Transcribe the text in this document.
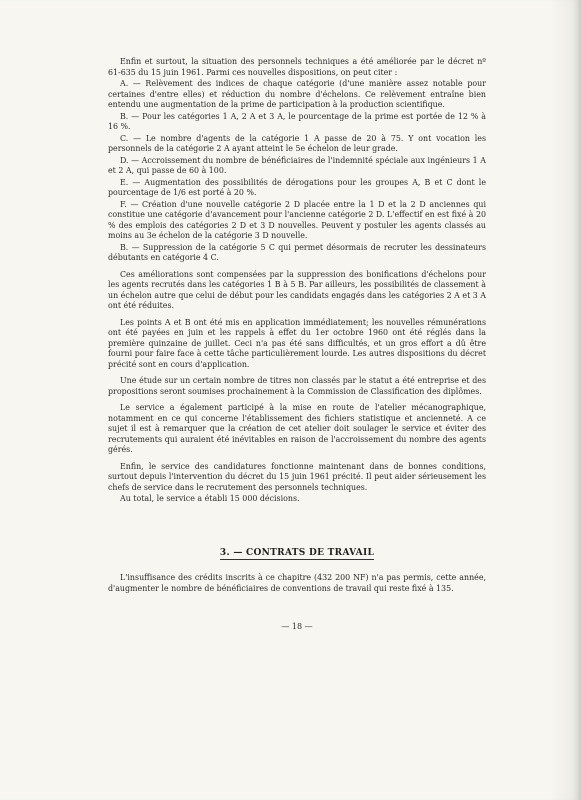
Enfin et surtout, la situation des personnels techniques a été améliorée par le décret nº 61-635 du 15 juin 1961. Parmi ces nouvelles dispositions, on peut citer :

A. — Relèvement des indices de chaque catégorie (d'une manière assez notable pour certaines d'entre elles) et réduction du nombre d'échelons. Ce relèvement entraîne bien entendu une augmentation de la prime de participation à la production scientifique.

B. — Pour les catégories 1 A, 2 A et 3 A, le pourcentage de la prime est portée de 12 % à 16 %.

C. — Le nombre d'agents de la catégorie 1 A passe de 20 à 75. Y ont vocation les personnels de la catégorie 2 A ayant atteint le 5e échelon de leur grade.

D. — Accroissement du nombre de bénéficiaires de l'indemnité spéciale aux ingénieurs 1 A et 2 A, qui passe de 60 à 100.

E. — Augmentation des possibilités de dérogations pour les groupes A, B et C dont le pourcentage de 1/6 est porté à 20 %.

F. — Création d'une nouvelle catégorie 2 D placée entre la 1 D et la 2 D anciennes qui constitue une catégorie d'avancement pour l'ancienne catégorie 2 D. L'effectif en est fixé à 20 % des emplois des catégories 2 D et 3 D nouvelles. Peuvent y postuler les agents classés au moins au 3e échelon de la catégorie 3 D nouvelle.

B. — Suppression de la catégorie 5 C qui permet désormais de recruter les dessinateurs débutants en catégorie 4 C.

Ces améliorations sont compensées par la suppression des bonifications d'échelons pour les agents recrutés dans les catégories 1 B à 5 B. Par ailleurs, les possibilités de classement à un échelon autre que celui de début pour les candidats engagés dans les catégories 2 A et 3 A ont été réduites.

Les points A et B ont été mis en application immédiatement; les nouvelles rémunérations ont été payées en juin et les rappels à effet du 1er octobre 1960 ont été réglés dans la première quinzaine de juillet. Ceci n'a pas été sans difficultés, et un gros effort a dû être fourni pour faire face à cette tâche particulièrement lourde. Les autres dispositions du décret précité sont en cours d'application.

Une étude sur un certain nombre de titres non classés par le statut a été entreprise et des propositions seront soumises prochainement à la Commission de Classification des diplômes.

Le service a également participé à la mise en route de l'atelier mécanographique, notamment en ce qui concerne l'établissement des fichiers statistique et ancienneté. A ce sujet il est à remarquer que la création de cet atelier doit soulager le service et éviter des recrutements qui auraient été inévitables en raison de l'accroissement du nombre des agents gérés.

Enfin, le service des candidatures fonctionne maintenant dans de bonnes conditions, surtout depuis l'intervention du décret du 15 juin 1961 précité. Il peut aider sérieusement les chefs de service dans le recrutement des personnels techniques.

Au total, le service a établi 15 000 décisions.

3. — CONTRATS DE TRAVAIL

L'insuffisance des crédits inscrits à ce chapitre (432 200 NF) n'a pas permis, cette année, d'augmenter le nombre de bénéficiaires de conventions de travail qui reste fixé à 135.

— 18 —
